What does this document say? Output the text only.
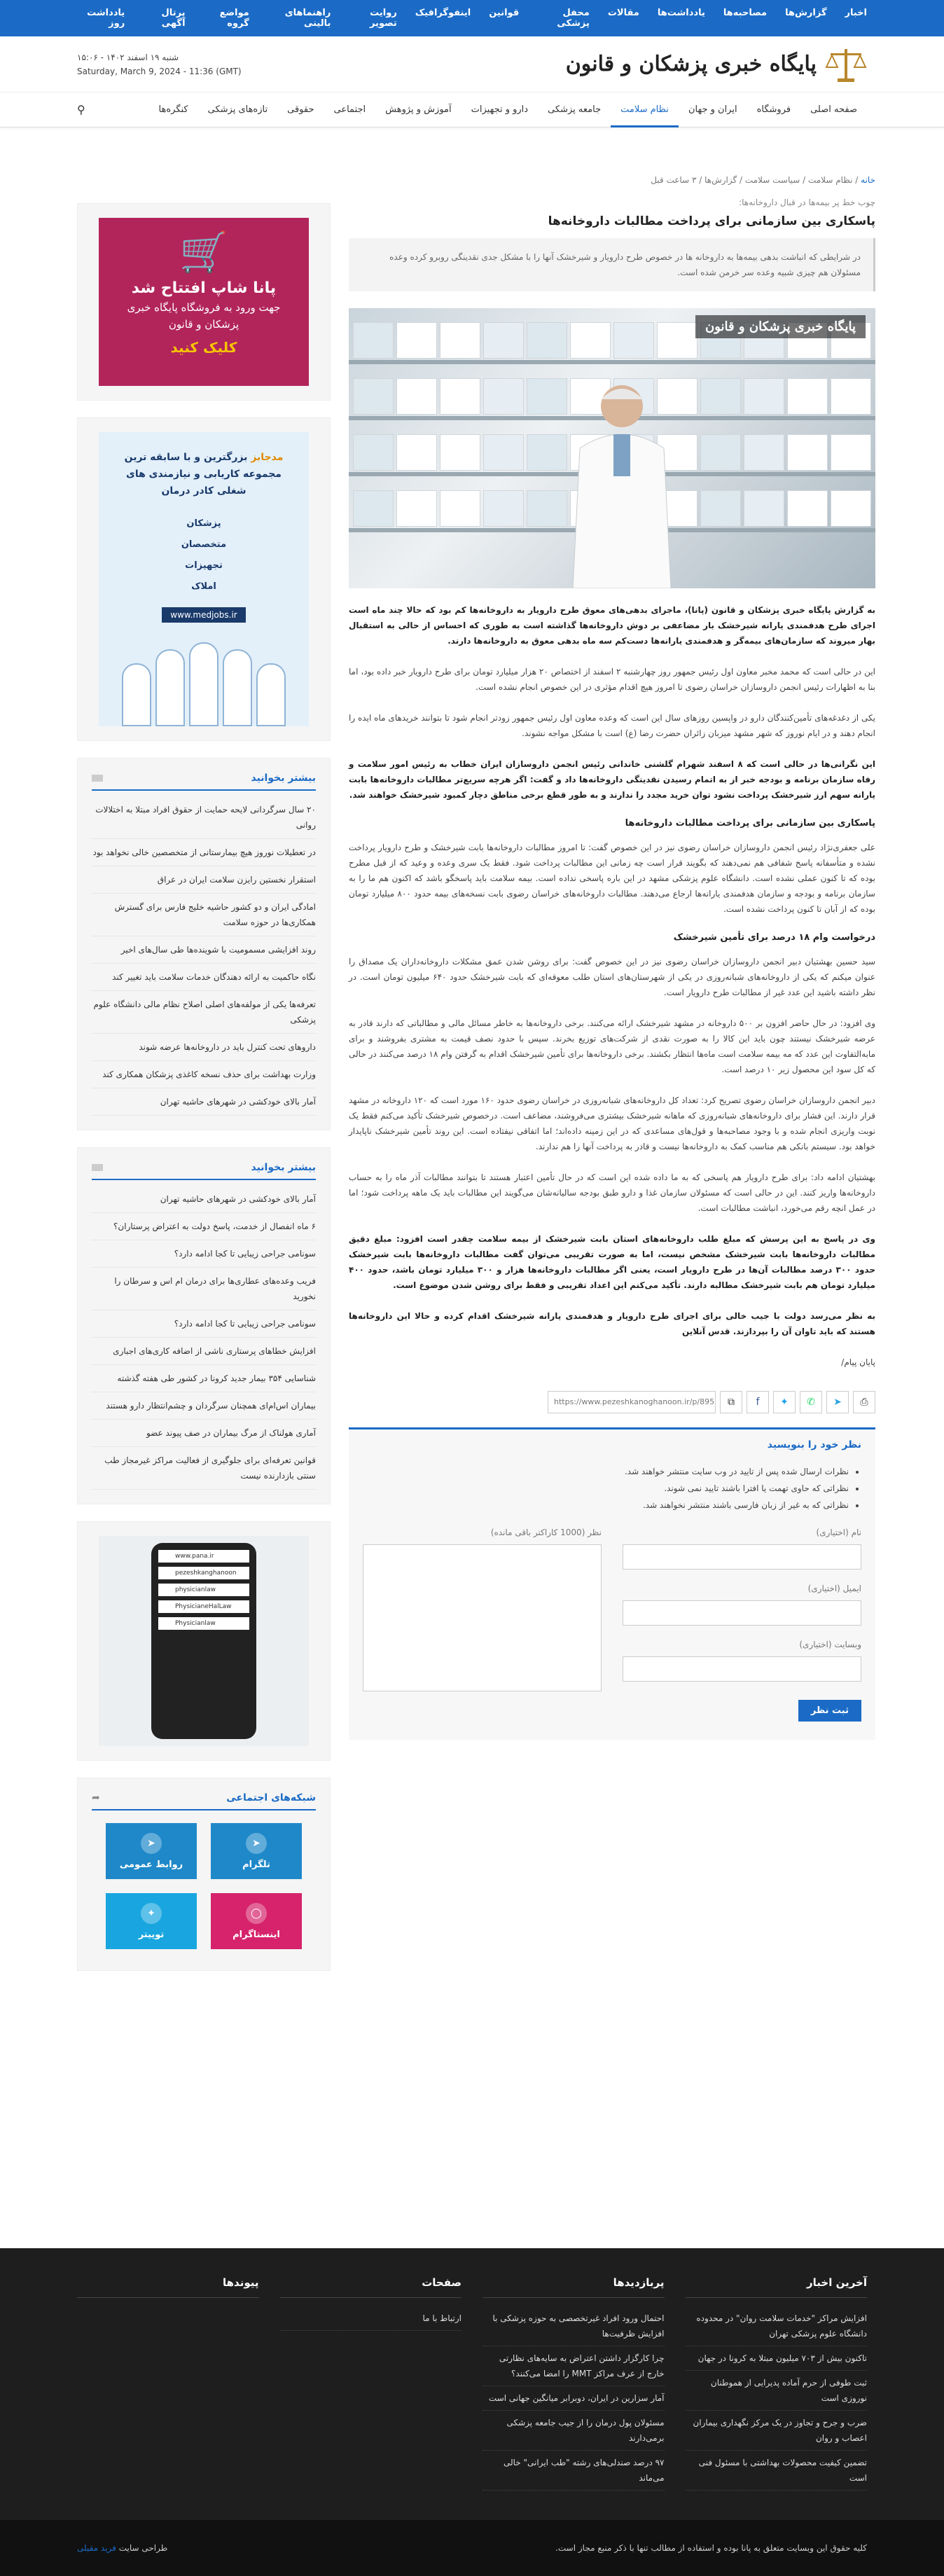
اخبار
گزارش‌ها
مصاحبه‌ها
یادداشت‌ها
مقالات
محفل پزشکی
قوانین
اینفوگرافیک
روایت تصویر
راهنماهای بالینی
مواضع گروه
پرتال آگهی
یادداشت روز
پایگاه خبری پزشکان و قانون
شنبه ۱۹ اسفند ۱۴۰۲ - ۱۵:۰۶
Saturday, March 9, 2024 - 11:36 (GMT)
صفحه اصلی
فروشگاه
ایران و جهان
نظام سلامت
جامعه پزشکی
دارو و تجهیزات
آموزش و پژوهش
اجتماعی
حقوقی
تازه‌های پزشکی
کنگره‌ها
⚲
خانه / نظام سلامت / سیاست سلامت / گزارش‌ها / ۳ ساعت قبل
چوب خط پر بیمه‌ها در قبال داروخانه‌ها:
پاسکاری بین سازمانی برای پرداخت مطالبات داروخانه‌ها
در شرایطی که انباشت بدهی بیمه‌ها به داروخانه ها در خصوص طرح دارویار و شیرخشک آنها را با مشکل جدی نقدینگی روبرو کرده وعده مسئولان هم چیزی شبیه وعده سر خرمن شده است.
پایگاه خبری پزشکان و قانون

به گزارش پایگاه خبری پزشکان و قانون (پانا)، ماجرای بدهی‌های معوق طرح دارویار به داروخانه‌ها کم بود که حالا چند ماه است اجرای طرح هدفمندی یارانه شیرخشک بار مضاعفی بر دوش داروخانه‌ها گذاشته است به طوری که احساس از حالی به استقبال بهار میروند که سازمان‌های بیمه‌گر و هدفمندی یارانه‌ها دست‌کم سه ماه بدهی معوق به داروخانه‌ها دارند.

این در حالی است که محمد مخبر معاون اول رئیس جمهور روز چهارشنبه ۲ اسفند از اختصاص ۲۰ هزار میلیارد تومان برای طرح دارویار خبر داده بود، اما بنا به اظهارات رئیس انجمن داروسازان خراسان رضوی تا امروز هیچ اقدام مؤثری در این خصوص انجام نشده است.

یکی از دغدغه‌های تأمین‌کنندگان دارو در واپسین روزهای سال این است که وعده معاون اول رئیس جمهور زودتر انجام شود تا بتوانند خریدهای ماه ایده را انجام دهند و در ایام نوروز که شهر مشهد میزبان زائران حضرت رضا (ع) است با مشکل مواجه نشوند.

این نگرانی‌ها در حالی است که ۸ اسفند شهرام گلشنی خاندانی رئیس انجمن داروسازان ایران خطاب به رئیس امور سلامت و رفاه سازمان برنامه و بودجه خبر از به اتمام رسیدن نقدینگی داروخانه‌ها داد و گفت: اگر هرچه سریع‌تر مطالبات داروخانه‌ها بابت یارانه سهم ارز شیرخشک پرداخت نشود توان خرید مجدد را ندارند و به طور قطع برخی مناطق دچار کمبود شیرخشک خواهند شد.

پاسکاری بین سازمانی برای پرداخت مطالبات داروخانه‌ها

علی جعفری‌نژاد رئیس انجمن داروسازان خراسان رضوی نیز در این خصوص گفت: تا امروز مطالبات داروخانه‌ها بابت شیرخشک و طرح دارویار پرداخت نشده و متأسفانه پاسخ شفافی هم نمی‌دهند که بگویند قرار است چه زمانی این مطالبات پرداخت شود. فقط یک سری وعده و وعید که از قبل مطرح بوده که تا کنون عملی نشده است. دانشگاه علوم پزشکی مشهد در این باره پاسخی نداده است. بیمه سلامت باید پاسخگو باشد که اکنون هم ما را به سازمان برنامه و بودجه و سازمان هدفمندی یارانه‌ها ارجاع می‌دهند. مطالبات داروخانه‌های خراسان رضوی بابت نسخه‌های بیمه حدود ۸۰۰ میلیارد تومان بوده که از آبان تا کنون پرداخت نشده است.

درخواست وام ۱۸ درصد برای تأمین شیرخشک

سید حسین بهشتیان دبیر انجمن داروسازان خراسان رضوی نیز در این خصوص گفت: برای روشن شدن عمق مشکلات داروخانه‌داران یک مصداق را عنوان میکنم که یکی از داروخانه‌های شبانه‌روزی در یکی از شهرستان‌های استان طلب معوقه‌ای که بابت شیرخشک حدود ۶۴۰ میلیون تومان است. در نظر داشته باشید این عدد غیر از مطالبات طرح دارویار است.

وی افزود: در حال حاضر افزون بر ۵۰۰ داروخانه در مشهد شیرخشک ارائه می‌کنند. برخی داروخانه‌ها به خاطر مسائل مالی و مطالباتی که دارند قادر به عرضه شیرخشک نیستند چون باید این کالا را به صورت نقدی از شرکت‌های توزیع بخرند. سپس با حدود نصف قیمت به مشتری بفروشند و برای مابه‌التفاوت این عدد که مه بیمه سلامت است ماه‌ها انتظار بکشند. برخی داروخانه‌ها برای تأمین شیرخشک اقدام به گرفتن وام ۱۸ درصد می‌کنند در حالی که کل سود این محصول زیر ۱۰ درصد است.

دبیر انجمن داروسازان خراسان رضوی تصریح کرد: تعداد کل داروخانه‌های شبانه‌روزی در خراسان رضوی حدود ۱۶۰ مورد است که ۱۲۰ داروخانه در مشهد قرار دارند. این فشار برای داروخانه‌های شبانه‌روزی که ماهانه شیرخشک بیشتری می‌فروشند، مضاعف است. درخصوص شیرخشک تأکید می‌کنم فقط یک نوبت واریزی انجام شده و با وجود مصاحبه‌ها و قول‌های مساعدی که در این زمینه داده‌اند؛ اما اتفاقی نیفتاده است. این روند تأمین شیرخشک ناپایدار خواهد بود. سیستم بانکی هم مناسب کمک به داروخانه‌ها نیست و قادر به پرداخت آنها را هم ندارند.

بهشتیان ادامه داد: برای طرح دارویار هم پاسخی که به ما داده شده این است که در حال تأمین اعتبار هستند تا بتوانند مطالبات آذر ماه را به حساب داروخانه‌ها واریز کنند. این در حالی است که مسئولان سازمان غذا و دارو طبق بودجه سالیانه‌شان می‌گویند این مطالبات باید یک ماهه پرداخت شود؛ اما در عمل انچه رقم می‌خورد، انباشت مطالبات است.

وی در پاسخ به این پرسش که مبلغ طلب داروخانه‌های استان بابت شیرخشک از بیمه سلامت چقدر است افزود: مبلغ دقیق مطالبات داروخانه‌ها بابت شیرخشک مشخص نیست، اما به صورت تقریبی می‌توان گفت مطالبات داروخانه‌ها بابت شیرخشک حدود ۳۰۰ درصد مطالبات آن‌ها در طرح دارویار است، یعنی اگر مطالبات داروخانه‌ها هزار و ۳۰۰ میلیارد تومان باشد، حدود ۴۰۰ میلیارد تومان هم بابت شیرخشک مطالبه دارند. تأکید می‌کنم این اعداد تقریبی و فقط برای روشن شدن موضوع است.

به نظر می‌رسد دولت با جیب خالی برای اجرای طرح دارویار و هدفمندی یارانه شیرخشک اقدام کرده و حالا این داروخانه‌ها هستند که باید تاوان آن را بپردازند. قدس آنلاین

پایان پیام/

⎙
➤
✆
✦
f
⧉
https://www.pezeshkanoghanoon.ir/p/895
نظر خود را بنویسید
• نظرات ارسال شده پس از تایید در وب سایت منتشر خواهند شد.
• نظراتی که حاوی تهمت یا افترا باشند تایید نمی شوند.
• نظراتی که به غیر از زبان فارسی باشند منتشر نخواهند شد.
نام (اختیاری)
ایمیل (اختیاری)
وبسایت (اختیاری)
ثبت نظر
نظر (1000 کاراکتر باقی مانده)
🛒
پانا شاپ افتتاح شد
جهت ورود به فروشگاه پایگاه خبری
پزشکان و قانون
کلیک کنید
مدجابز بزرگترین و با سابقه ترین مجموعه کاریابی و نیازمندی های شغلی کادر درمان
پزشکان
متخصصان
تجهیزات
املاک
www.medjobs.ir
بیشتر بخوانید
۲۰ سال سرگردانی لایحه حمایت از حقوق افراد مبتلا به اختلالات روانی
در تعطیلات نوروز هیچ بیمارستانی از متخصصین خالی نخواهد بود
استقرار نخستین رایزن سلامت ایران در عراق
امادگی ایران و دو کشور حاشیه خلیج فارس برای گسترش همکاری‌ها در حوزه سلامت
روند افزایشی مسمومیت با شوینده‌ها طی سال‌های اخیر
نگاه حاکمیت به ارائه دهندگان خدمات سلامت باید تغییر کند
تعرفه‌ها یکی از مولفه‌های اصلی اصلاح نظام مالی دانشگاه علوم پزشکی
داروهای تحت کنترل باید در داروخانه‌ها عرضه شوند
وزارت بهداشت برای حذف نسخه کاغذی پزشکان همکاری کند
آمار بالای خودکشی در شهرهای حاشیه تهران
بیشتر بخوانید
آمار بالای خودکشی در شهرهای حاشیه تهران
۶ ماه انفصال از خدمت، پاسخ دولت به اعتراض پرستاران؟
سونامی جراحی زیبایی تا کجا ادامه دارد؟
فریب وعده‌های عطاری‌ها برای درمان ام اس و سرطان را نخورید
سونامی جراحی زیبایی تا کجا ادامه دارد؟
افزایش خطاهای پرستاری ناشی از اضافه کاری‌های اجباری
شناسایی ۳۵۴ بیمار جدید کرونا در کشور طی هفته گذشته
بیماران اس‌ام‌ای همچنان سرگردان و چشم‌انتظار دارو هستند
آماری هولناک از مرگ بیماران در صف پیوند عضو
قوانین تعرفه‌ای برای جلوگیری از فعالیت مراکز غیرمجاز طب سنتی بازدارنده نیست
www.pana.ir
pezeshkanghanoon
physicianlaw
PhysicianeHalLaw
Physicianlaw
شبکه‌های اجتماعی
➦
➤
تلگرام
➤
روابط عمومی
◯
اینستاگرام
✦
توییتر
آخرین اخبار
افزایش مراکز "خدمات سلامت روان" در محدوده دانشگاه علوم پزشکی تهران
تاکنون بیش از ۷۰۳ میلیون مبتلا به کرونا در جهان
ثبت طوفی از حرم آماده پدیرایی از هموطنان نوروزی است
ضرب و جرح و تجاوز در یک مرکز نگهداری بیماران اعصاب و روان
تضمین کیفیت محصولات بهداشتی با مسئول فنی است
پربازدیدها
احتمال ورود افراد غیرتخصصی به حوزه پزشکی با افزایش ظرفیت‌ها
چرا کارگزار داشتن اعتراض به سایه‌های نظارتی خارج از عرف مراکز MMT را امضا می‌کنند؟
آمار سزارین در ایران، دوبرابر میانگین جهانی است
مسئولان پول درمان را از جیب جامعه پزشکی برمی‌دارند
۹۷ درصد صندلی‌های رشته "طب ایرانی" خالی می‌ماند
صفحات
ارتباط با ما
پیوندها
کلیه حقوق این وبسایت متعلق به پانا بوده و استفاده از مطالب تنها با ذکر منبع مجاز است.
طراحی سایت فرید مقیلی
